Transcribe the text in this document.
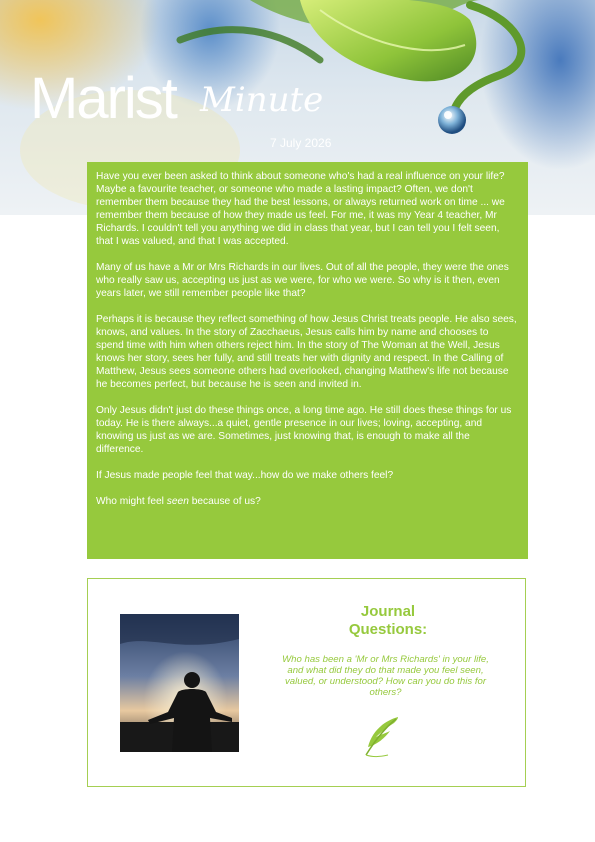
Marist Minute
7 July 2026

Have you ever been asked to think about someone who's had a real influence on your life? Maybe a favourite teacher, or someone who made a lasting impact? Often, we don't remember them because they had the best lessons, or always returned work on time ... we remember them because of how they made us feel. For me, it was my Year 4 teacher, Mr Richards. I couldn't tell you anything we did in class that year, but I can tell you I felt seen, that I was valued, and that I was accepted.

Many of us have a Mr or Mrs Richards in our lives. Out of all the people, they were the ones who really saw us, accepting us just as we were, for who we were. So why is it then, even years later, we still remember people like that?

Perhaps it is because they reflect something of how Jesus Christ treats people. He also sees, knows, and values. In the story of Zacchaeus, Jesus calls him by name and chooses to spend time with him when others reject him. In the story of The Woman at the Well, Jesus knows her story, sees her fully, and still treats her with dignity and respect. In the Calling of Matthew, Jesus sees someone others had overlooked, changing Matthew's life not because he becomes perfect, but because he is seen and invited in.

Only Jesus didn't just do these things once, a long time ago. He still does these things for us today. He is there always...a quiet, gentle presence in our lives; loving, accepting, and knowing us just as we are. Sometimes, just knowing that, is enough to make all the difference.

If Jesus made people feel that way...how do we make others feel?

Who might feel seen because of us?

Journal
Questions:
Who has been a 'Mr or Mrs Richards' in your life, and what did they do that made you feel seen, valued, or understood? How can you do this for others?
